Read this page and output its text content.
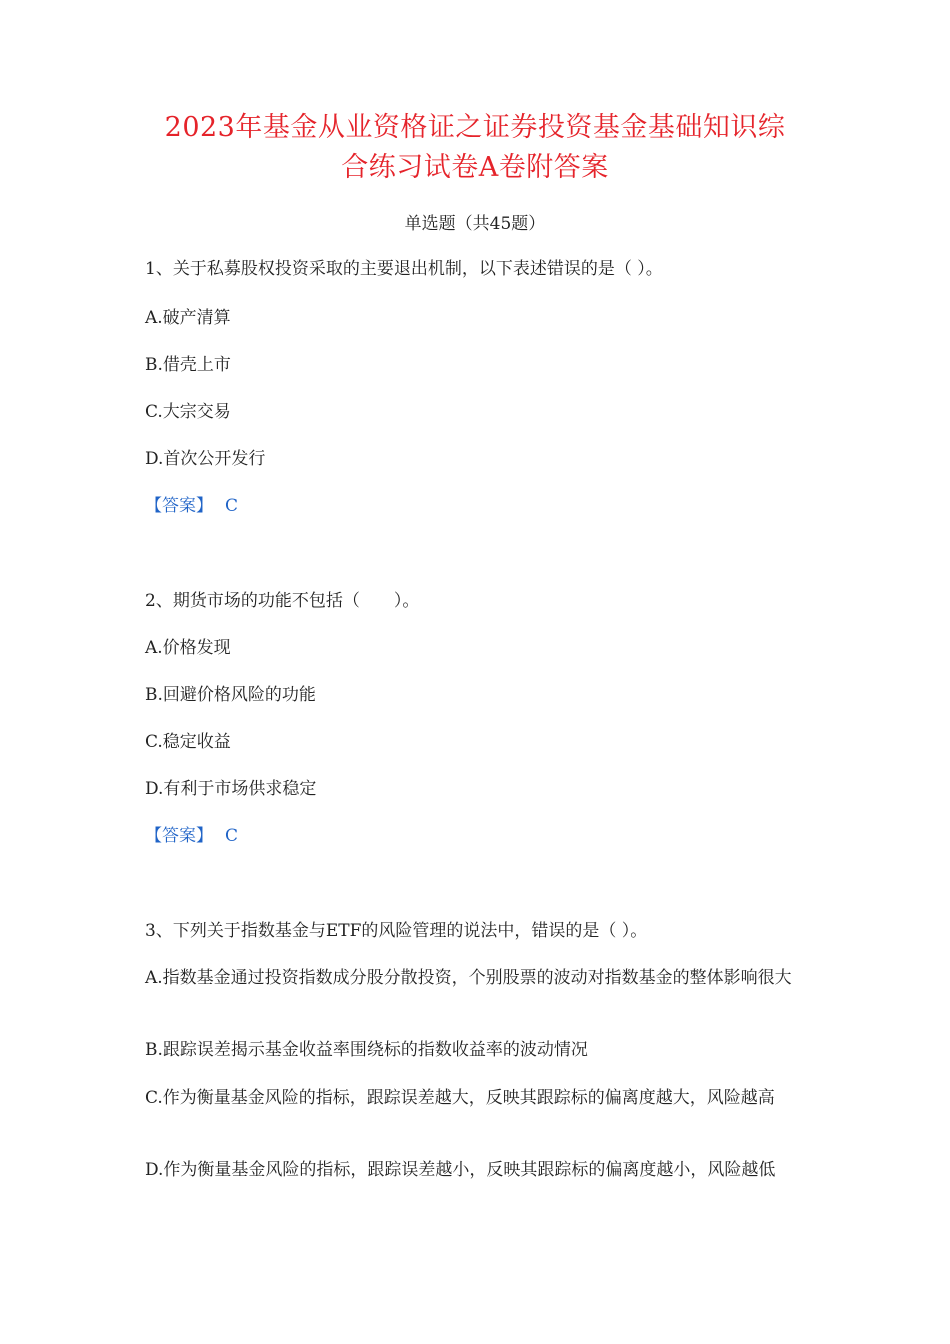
2023年基金从业资格证之证券投资基金基础知识综
合练习试卷A卷附答案
单选题（共45题）

1、关于私募股权投资采取的主要退出机制，以下表述错误的是（ ）。

A.破产清算
B.借壳上市
C.大宗交易
D.首次公开发行
【答案】 C

2、期货市场的功能不包括（　　）。

A.价格发现
B.回避价格风险的功能
C.稳定收益
D.有利于市场供求稳定
【答案】 C

3、下列关于指数基金与ETF的风险管理的说法中，错误的是（ ）。

A.指数基金通过投资指数成分股分散投资，个别股票的波动对指数基金的整体影响很大
B.跟踪误差揭示基金收益率围绕标的指数收益率的波动情况
C.作为衡量基金风险的指标，跟踪误差越大，反映其跟踪标的偏离度越大，风险越高
D.作为衡量基金风险的指标，跟踪误差越小，反映其跟踪标的偏离度越小，风险越低
